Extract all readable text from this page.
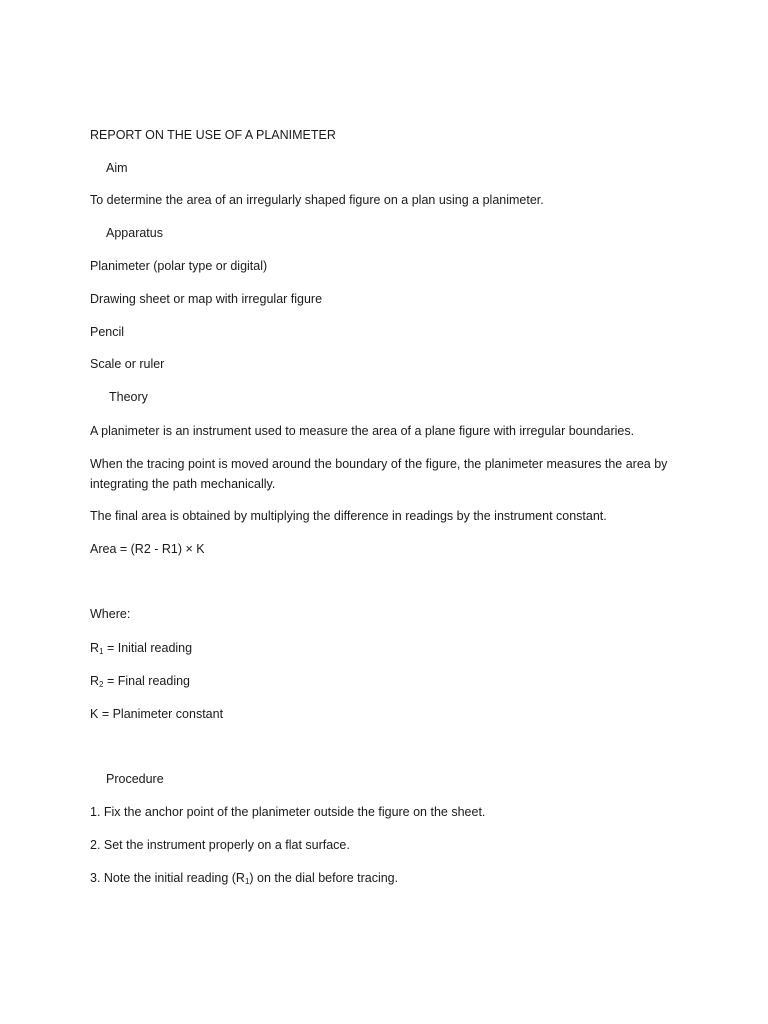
REPORT ON THE USE OF A PLANIMETER

Aim

To determine the area of an irregularly shaped figure on a plan using a planimeter.

Apparatus

Planimeter (polar type or digital)

Drawing sheet or map with irregular figure

Pencil

Scale or ruler

Theory

A planimeter is an instrument used to measure the area of a plane figure with irregular boundaries.

When the tracing point is moved around the boundary of the figure, the planimeter measures the area by integrating the path mechanically.

The final area is obtained by multiplying the difference in readings by the instrument constant.

Area = (R2 - R1) × K

Where:

$R_1$ = Initial reading

$R_2$ = Final reading

K = Planimeter constant

Procedure

1. Fix the anchor point of the planimeter outside the figure on the sheet.

2. Set the instrument properly on a flat surface.

3. Note the initial reading $(R_1)$ on the dial before tracing.
